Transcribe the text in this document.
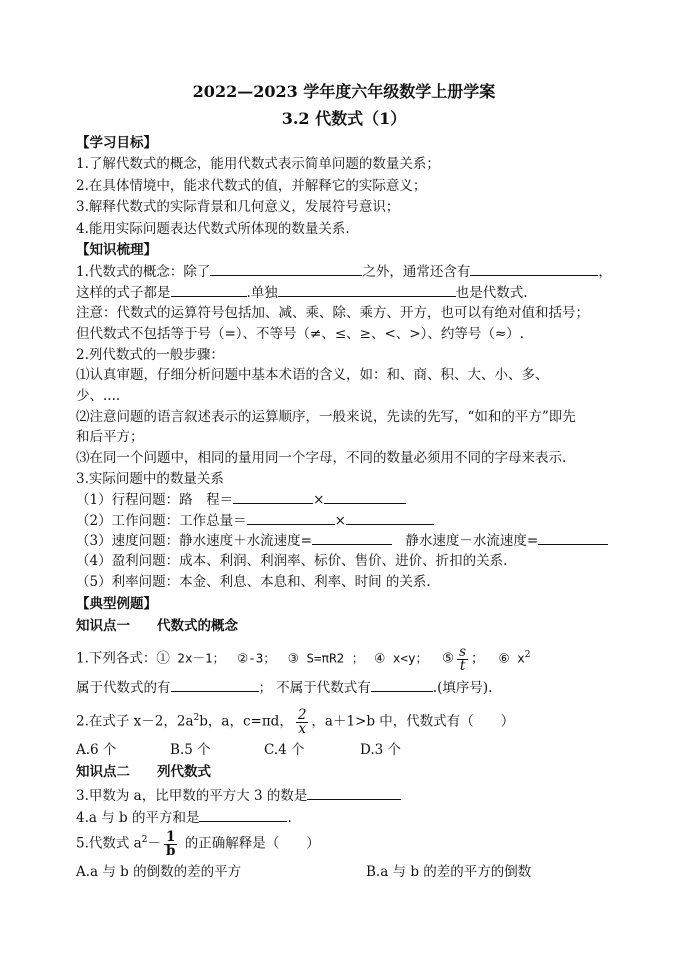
2022—2023 学年度六年级数学上册学案
3.2 代数式（1）
【学习目标】
1.了解代数式的概念，能用代数式表示简单问题的数量关系；
2.在具体情境中，能求代数式的值，并解释它的实际意义；
3.解释代数式的实际背景和几何意义，发展符号意识；
4.能用实际问题表达代数式所体现的数量关系.
【知识梳理】
1.代数式的概念：除了	之外，通常还含有	，
这样的式子都是	.单独	也是代数式.
注意：代数式的运算符号包括加、减、乘、除、乘方、开方，也可以有绝对值和括号；
但代数式不包括等于号（=）、不等号（≠、≤、≥、<、>）、约等号（≈）.
2.列代数式的一般步骤：
⑴认真审题，仔细分析问题中基本术语的含义，如：和、商、积、大、小、多、
少、....
⑵注意问题的语言叙述表示的运算顺序，一般来说，先读的先写，“如和的平方”即先
和后平方；
⑶在同一个问题中，相同的量用同一个字母，不同的数量必须用不同的字母来表示.
3.实际问题中的数量关系
（1）行程问题：路　程＝	×
（2）工作问题：工作总量＝	×
（3）速度问题：静水速度＋水流速度=	　静水速度－水流速度=
（4）盈利问题：成本、利润、利润率、标价、售价、进价、折扣的关系.
（5）利率问题：本金、利息、本息和、利率、时间 的关系.
【典型例题】
知识点一　　代数式的概念
1.下列各式：① 2x－1； ②-3； ③ S=πR2 ； ④ x<y； ⑤ $\frac{s}{t}$ ； ⑥ $x^2$
属于代数式的有	； 不属于代数式有	.(填序号).
2.在式子 x－2，$2a^2b$，a，c=πd， $\frac{2}{x}$ ，a＋1>b 中，代数式有（　　）
A.6 个	B.5 个	C.4 个	D.3 个
知识点二　　列代数式
3.甲数为 a，比甲数的平方大 3 的数是
4.a 与 b 的平方和是	.
5.代数式 $a^2- \frac{1}{b}$ 的正确解释是（　　）
A.a 与 b 的倒数的差的平方	B.a 与 b 的差的平方的倒数
